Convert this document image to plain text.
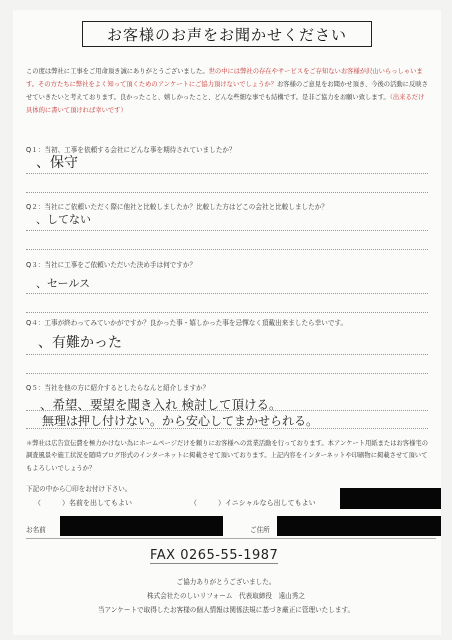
お客様のお声をお聞かせください
この度は弊社に工事をご用命頂き誠にありがとうございました。世の中には弊社の存在やサービスをご存知ないお客様が沢山いらっしゃいます。その方たちに弊社をよく知って頂くためのアンケートにご協力頂けないでしょうか？お客様のご意見をお聞かせ頂き、今後の活動に反映させていきたいと考えております。良かったこと、嬉しかったこと、どんな些細な事でも結構です。是非ご協力をお願い致します。（出来るだけ具体的に書いて頂ければ幸いです）
Q１：当初、工事を依頼する会社にどんな事を期待されていましたか？
、保守
Q２：当社にご依頼いただく際に他社と比較しましたか？比較した方はどこの会社と比較しましたか？
、してない
Q３：当社に工事をご依頼いただいた決め手は何ですか？
、セールス
Q４：工事が終わってみていかがですか？良かった事・嬉しかった事を忌憚なく頂戴出来ましたら幸いです。
、有難かった
Q５：当社を他の方に紹介するとしたらなんと紹介しますか？
、希望、要望を聞き入れ 検討して頂ける。
無理は押し付けない。から安心してまかせられる。
＊弊社は広告宣伝費を極力かけない為にホームページだけを頼りにお客様への営業活動を行っております。本アンケート用紙またはお客様宅の調査風景や施工状況を随時ブログ形式のインターネットに掲載させて頂いております。上記内容をインターネットや印刷物に掲載させて頂いてもよろしいでしょうか？
下記の中から〇印をお付け下さい。
（　　　）名前を出してもよい	（　　　）イニシャルなら出してもよい
お名前	ご住所
FAX 0265-55-1987
ご協力ありがとうございました。
株式会社たのしいリフォーム　代表取締役　遠山秀之
当アンケートで取得したお客様の個人情報は関係法規に基づき厳正に管理いたします。
